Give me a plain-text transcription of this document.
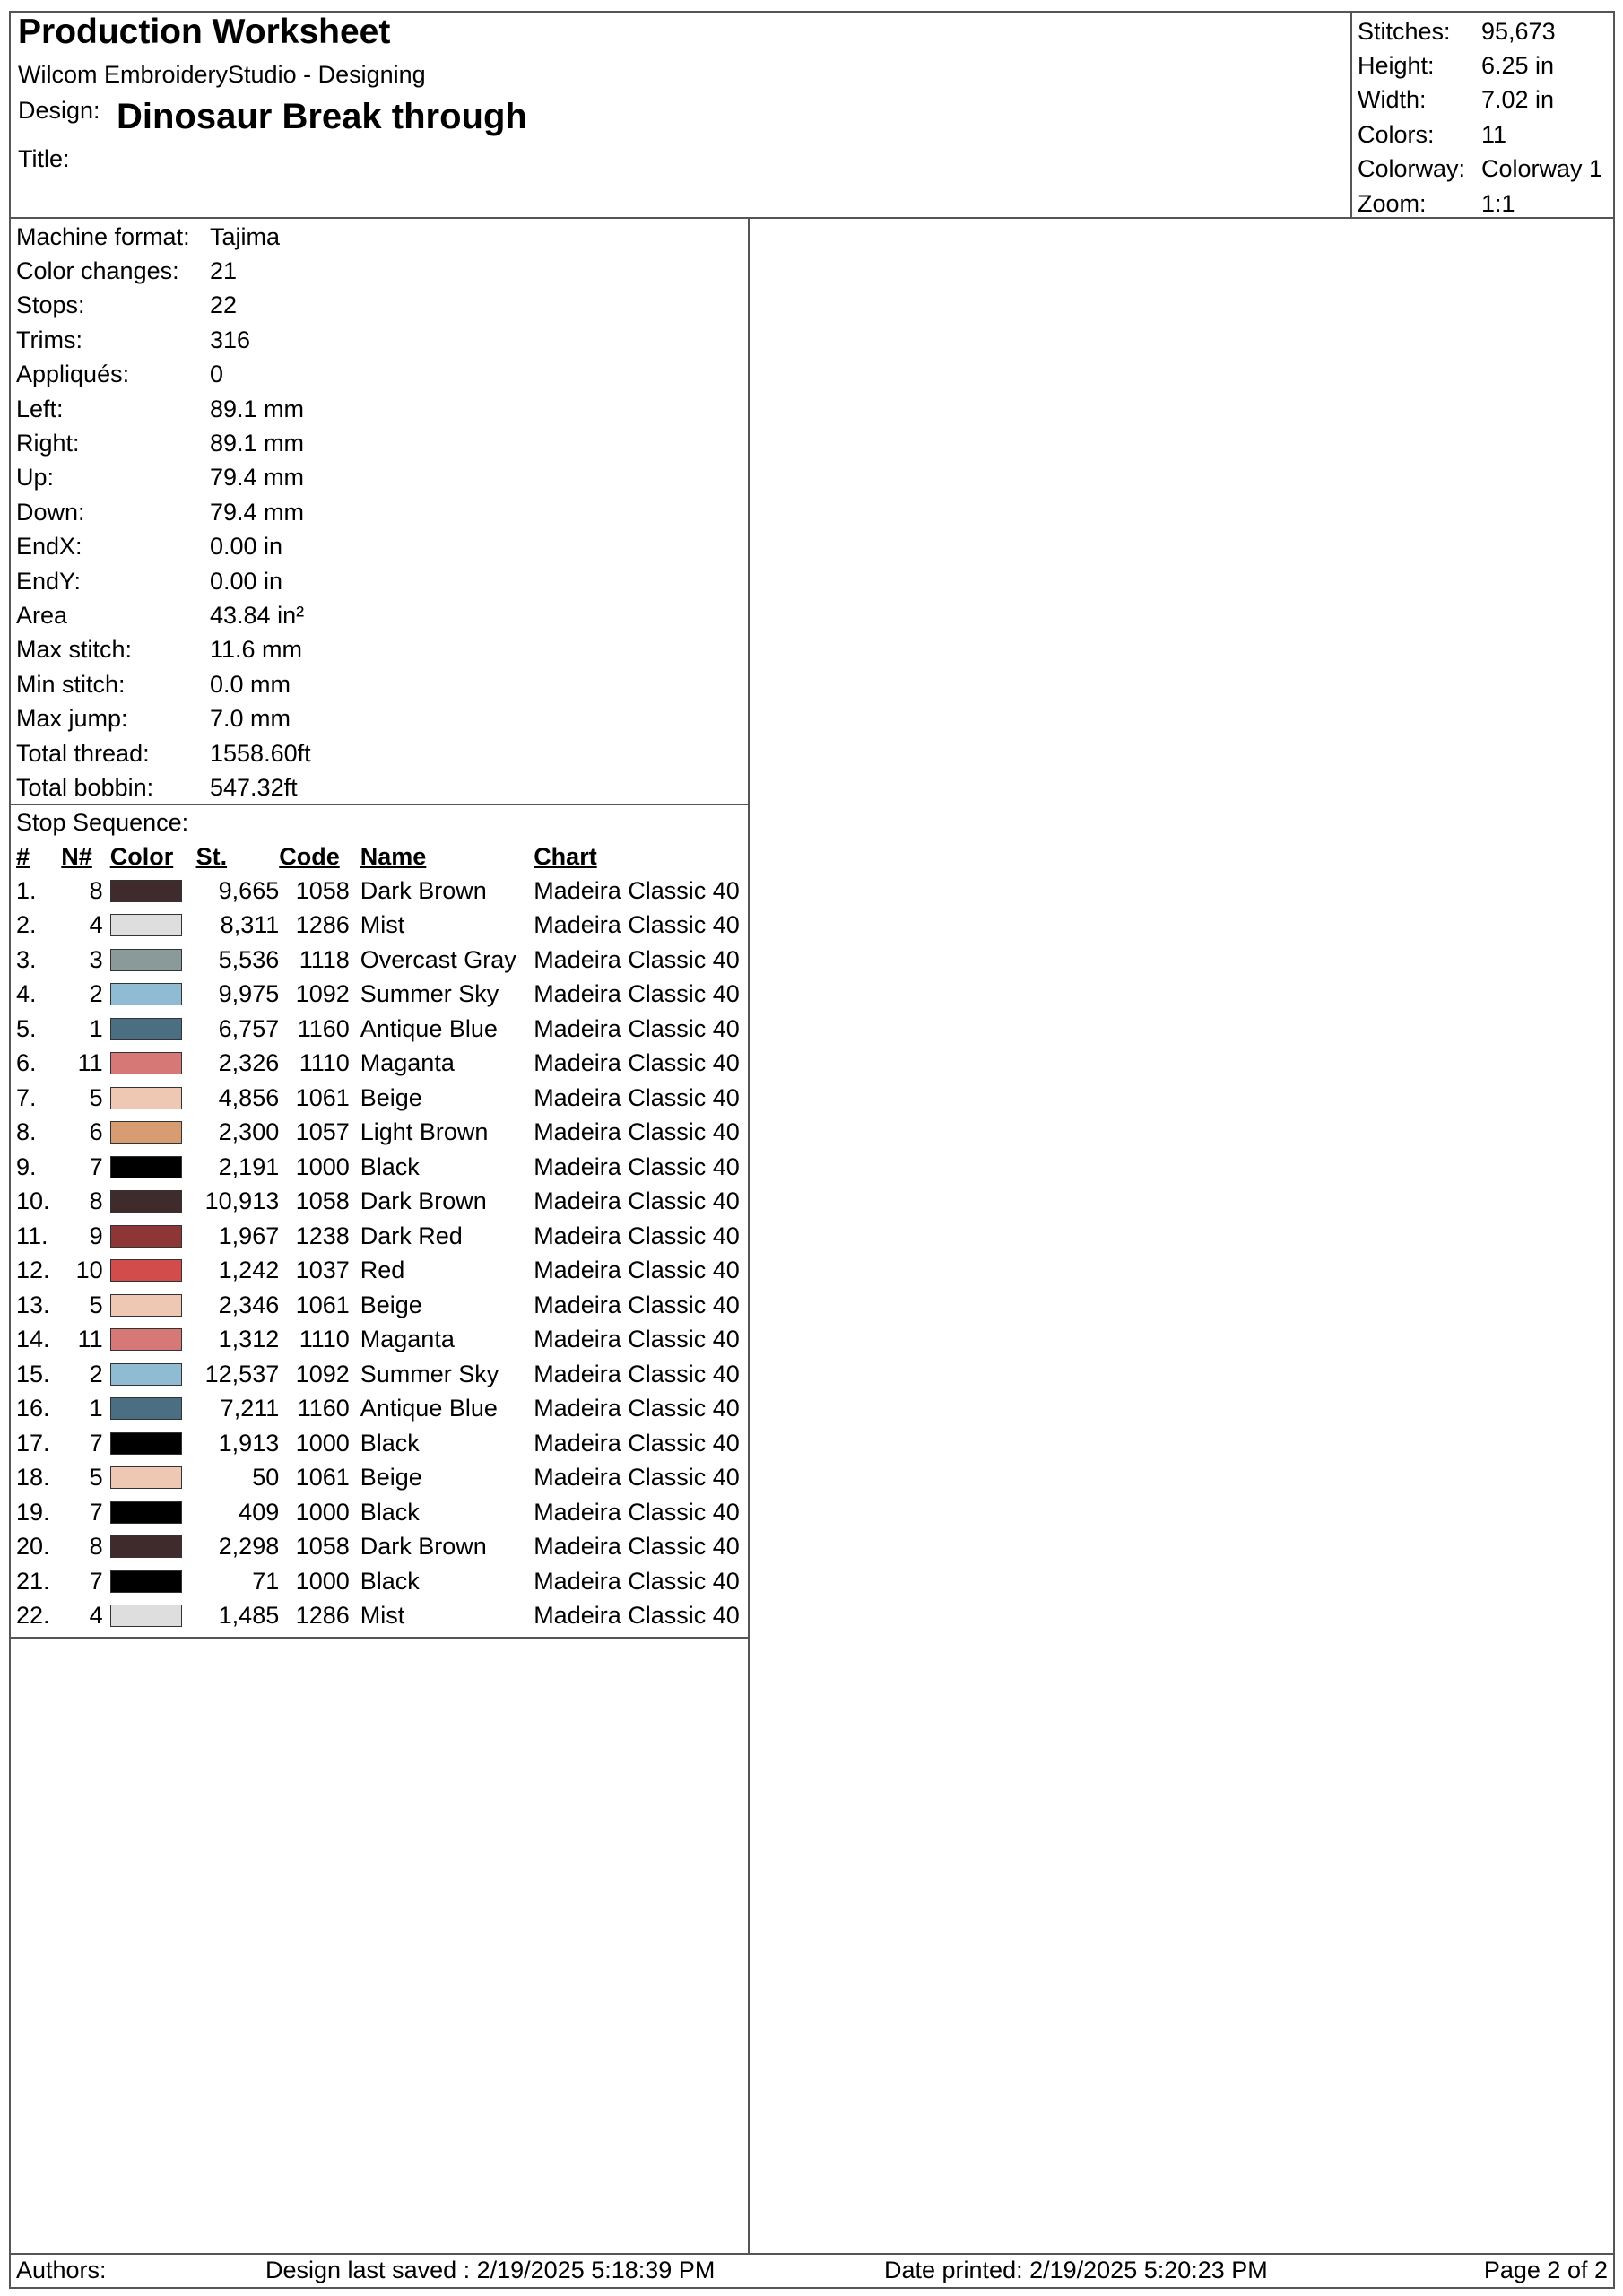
Production Worksheet
Wilcom EmbroideryStudio - Designing
Design: Dinosaur Break through
Title:
Stitches:	95,673
Height:	6.25 in
Width:	7.02 in
Colors:	11
Colorway: Colorway 1
Zoom:	1:1
Machine format: Tajima
Color changes:	21
Stops:	22
Trims:	316
Appliqués:	0
Left:	89.1 mm
Right:	89.1 mm
Up:	79.4 mm
Down:	79.4 mm
EndX:	0.00 in
EndY:	0.00 in
Area	43.84 in²
Max stitch:	11.6 mm
Min stitch:	0.0 mm
Max jump:	7.0 mm
Total thread:	1558.60ft
Total bobbin:	547.32ft
Stop Sequence:
#	N#	Color	St.	Code	Name	Chart
1.	8		9,665	1058	Dark Brown	Madeira Classic 40
2.	4		8,311	1286	Mist	Madeira Classic 40
3.	3		5,536	1118	Overcast Gray	Madeira Classic 40
4.	2		9,975	1092	Summer Sky	Madeira Classic 40
5.	1		6,757	1160	Antique Blue	Madeira Classic 40
6.	11		2,326	1110	Maganta	Madeira Classic 40
7.	5		4,856	1061	Beige	Madeira Classic 40
8.	6		2,300	1057	Light Brown	Madeira Classic 40
9.	7		2,191	1000	Black	Madeira Classic 40
10.	8		10,913	1058	Dark Brown	Madeira Classic 40
11.	9		1,967	1238	Dark Red	Madeira Classic 40
12.	10		1,242	1037	Red	Madeira Classic 40
13.	5		2,346	1061	Beige	Madeira Classic 40
14.	11		1,312	1110	Maganta	Madeira Classic 40
15.	2		12,537	1092	Summer Sky	Madeira Classic 40
16.	1		7,211	1160	Antique Blue	Madeira Classic 40
17.	7		1,913	1000	Black	Madeira Classic 40
18.	5		50	1061	Beige	Madeira Classic 40
19.	7		409	1000	Black	Madeira Classic 40
20.	8		2,298	1058	Dark Brown	Madeira Classic 40
21.	7		71	1000	Black	Madeira Classic 40
22.	4		1,485	1286	Mist	Madeira Classic 40
Authors:	Design last saved : 2/19/2025 5:18:39 PM	Date printed: 2/19/2025 5:20:23 PM	Page 2 of 2
